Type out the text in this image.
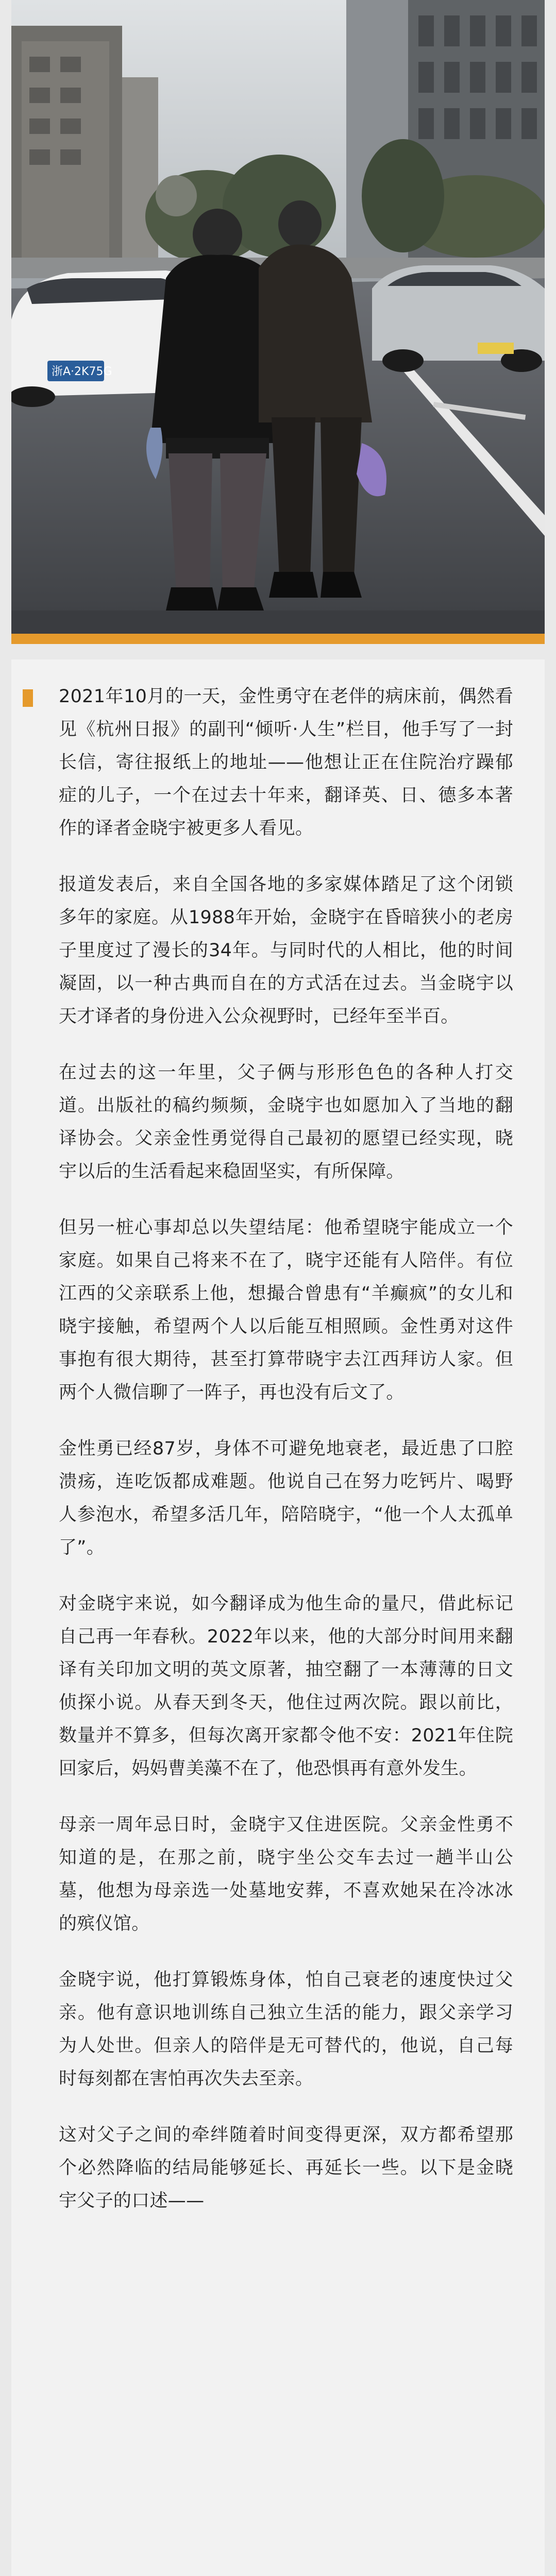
浙A·2K75G

2021年10月的一天，金性勇守在老伴的病床前，偶然看见《杭州日报》的副刊“倾听·人生”栏目，他手写了一封长信，寄往报纸上的地址——他想让正在住院治疗躁郁症的儿子，一个在过去十年来，翻译英、日、德多本著作的译者金晓宇被更多人看见。

报道发表后，来自全国各地的多家媒体踏足了这个闭锁多年的家庭。从1988年开始，金晓宇在昏暗狭小的老房子里度过了漫长的34年。与同时代的人相比，他的时间凝固，以一种古典而自在的方式活在过去。当金晓宇以天才译者的身份进入公众视野时，已经年至半百。

在过去的这一年里，父子俩与形形色色的各种人打交道。出版社的稿约频频，金晓宇也如愿加入了当地的翻译协会。父亲金性勇觉得自己最初的愿望已经实现，晓宇以后的生活看起来稳固坚实，有所保障。

但另一桩心事却总以失望结尾：他希望晓宇能成立一个家庭。如果自己将来不在了，晓宇还能有人陪伴。有位江西的父亲联系上他，想撮合曾患有“羊癫疯”的女儿和晓宇接触，希望两个人以后能互相照顾。金性勇对这件事抱有很大期待，甚至打算带晓宇去江西拜访人家。但两个人微信聊了一阵子，再也没有后文了。

金性勇已经87岁，身体不可避免地衰老，最近患了口腔溃疡，连吃饭都成难题。他说自己在努力吃钙片、喝野人参泡水，希望多活几年，陪陪晓宇，“他一个人太孤单了”。

对金晓宇来说，如今翻译成为他生命的量尺，借此标记自己再一年春秋。2022年以来，他的大部分时间用来翻译有关印加文明的英文原著，抽空翻了一本薄薄的日文侦探小说。从春天到冬天，他住过两次院。跟以前比，数量并不算多，但每次离开家都令他不安：2021年住院回家后，妈妈曹美藻不在了，他恐惧再有意外发生。

母亲一周年忌日时，金晓宇又住进医院。父亲金性勇不知道的是，在那之前，晓宇坐公交车去过一趟半山公墓，他想为母亲选一处墓地安葬，不喜欢她呆在冷冰冰的殡仪馆。

金晓宇说，他打算锻炼身体，怕自己衰老的速度快过父亲。他有意识地训练自己独立生活的能力，跟父亲学习为人处世。但亲人的陪伴是无可替代的，他说，自己每时每刻都在害怕再次失去至亲。

这对父子之间的牵绊随着时间变得更深，双方都希望那个必然降临的结局能够延长、再延长一些。以下是金晓宇父子的口述——
